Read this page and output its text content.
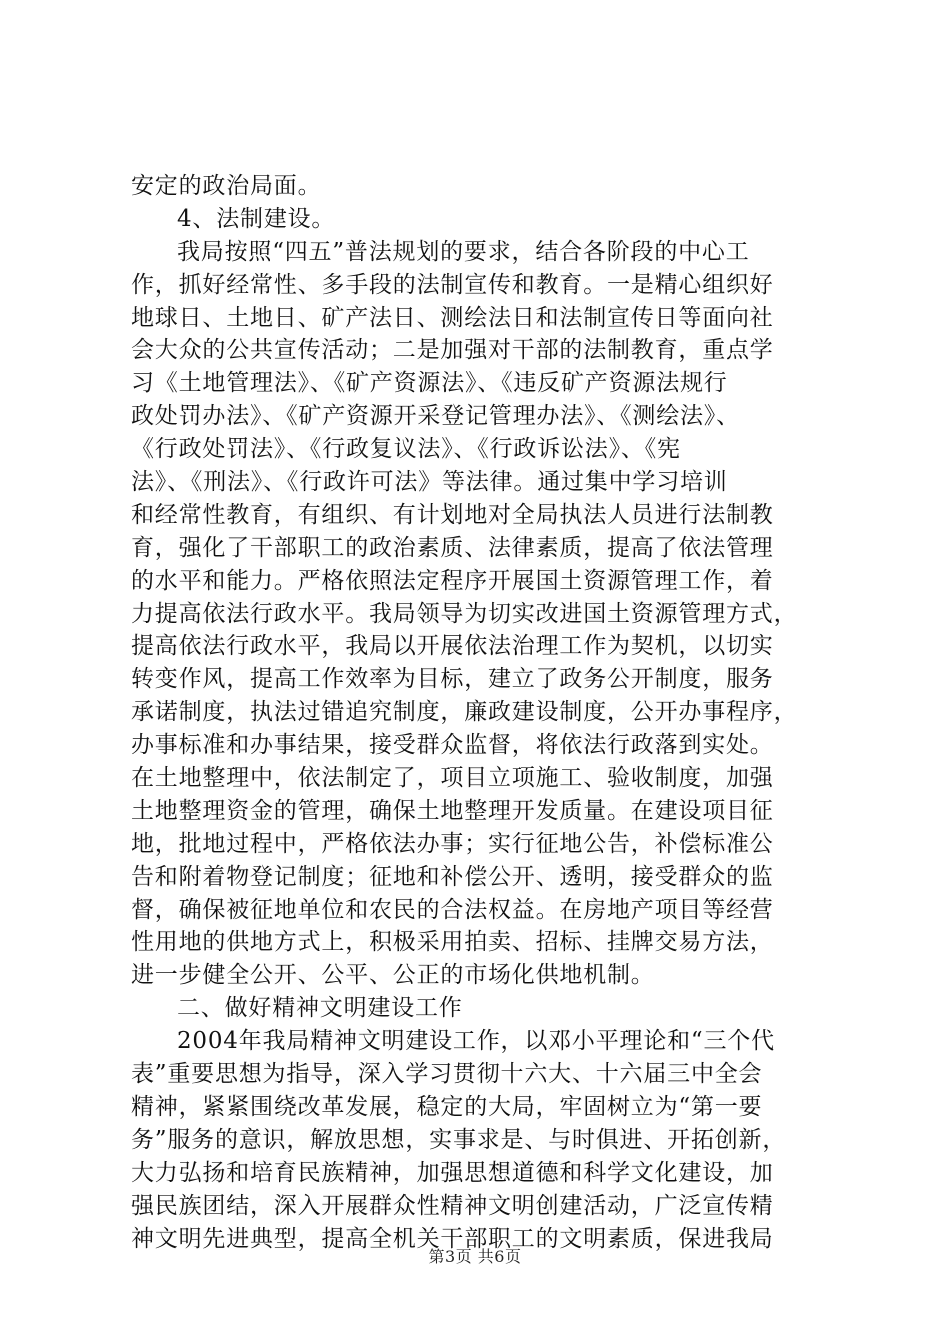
安定的政治局面。
4、法制建设。
我局按照“四五”普法规划的要求，结合各阶段的中心工
作，抓好经常性、多手段的法制宣传和教育。一是精心组织好
地球日、土地日、矿产法日、测绘法日和法制宣传日等面向社
会大众的公共宣传活动；二是加强对干部的法制教育，重点学
习《土地管理法》、《矿产资源法》、《违反矿产资源法规行
政处罚办法》、《矿产资源开采登记管理办法》、《测绘法》、
《行政处罚法》、《行政复议法》、《行政诉讼法》、《宪
法》、《刑法》、《行政许可法》等法律。通过集中学习培训
和经常性教育，有组织、有计划地对全局执法人员进行法制教
育，强化了干部职工的政治素质、法律素质，提高了依法管理
的水平和能力。严格依照法定程序开展国土资源管理工作，着
力提高依法行政水平。我局领导为切实改进国土资源管理方式，
提高依法行政水平，我局以开展依法治理工作为契机，以切实
转变作风，提高工作效率为目标，建立了政务公开制度，服务
承诺制度，执法过错追究制度，廉政建设制度，公开办事程序，
办事标准和办事结果，接受群众监督，将依法行政落到实处。
在土地整理中，依法制定了，项目立项施工、验收制度，加强
土地整理资金的管理，确保土地整理开发质量。在建设项目征
地，批地过程中，严格依法办事；实行征地公告，补偿标准公
告和附着物登记制度；征地和补偿公开、透明，接受群众的监
督，确保被征地单位和农民的合法权益。在房地产项目等经营
性用地的供地方式上，积极采用拍卖、招标、挂牌交易方法，
进一步健全公开、公平、公正的市场化供地机制。
二、做好精神文明建设工作
2004年我局精神文明建设工作，以邓小平理论和“三个代
表”重要思想为指导，深入学习贯彻十六大、十六届三中全会
精神，紧紧围绕改革发展，稳定的大局，牢固树立为“第一要
务”服务的意识，解放思想，实事求是、与时俱进、开拓创新，
大力弘扬和培育民族精神，加强思想道德和科学文化建设，加
强民族团结，深入开展群众性精神文明创建活动，广泛宣传精
神文明先进典型，提高全机关干部职工的文明素质，保进我局
第3页 共6页
